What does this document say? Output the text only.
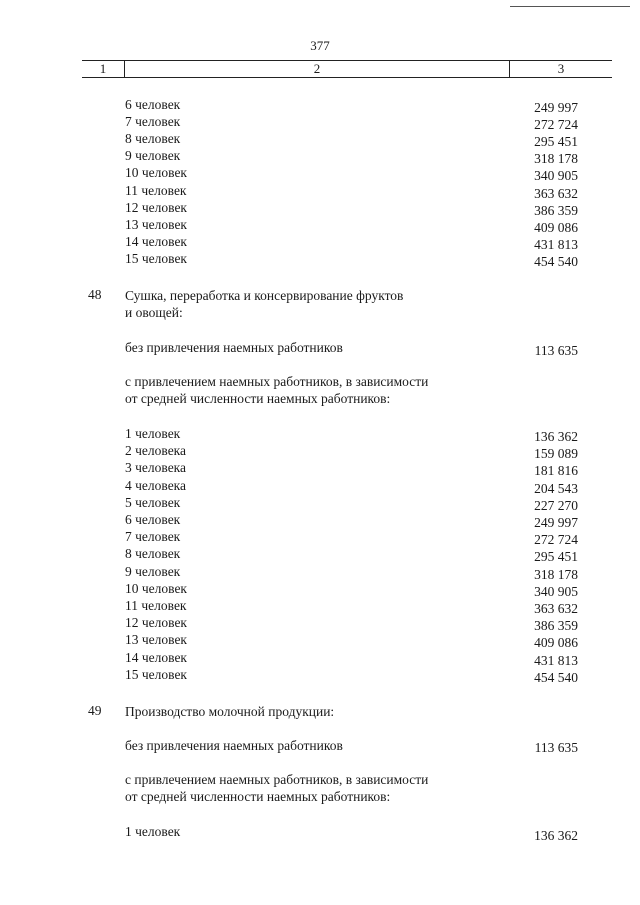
377
1	2	3
6 человек	249 997
7 человек	272 724
8 человек	295 451
9 человек	318 178
10 человек	340 905
11 человек	363 632
12 человек	386 359
13 человек	409 086
14 человек	431 813
15 человек	454 540
48 Сушка, переработка и консервирование фруктов
и овощей:
без привлечения наемных работников	113 635
с привлечением наемных работников, в зависимости
от средней численности наемных работников:
1 человек	136 362
2 человека	159 089
3 человека	181 816
4 человека	204 543
5 человек	227 270
6 человек	249 997
7 человек	272 724
8 человек	295 451
9 человек	318 178
10 человек	340 905
11 человек	363 632
12 человек	386 359
13 человек	409 086
14 человек	431 813
15 человек	454 540
49 Производство молочной продукции:
без привлечения наемных работников	113 635
с привлечением наемных работников, в зависимости
от средней численности наемных работников:
1 человек	136 362
